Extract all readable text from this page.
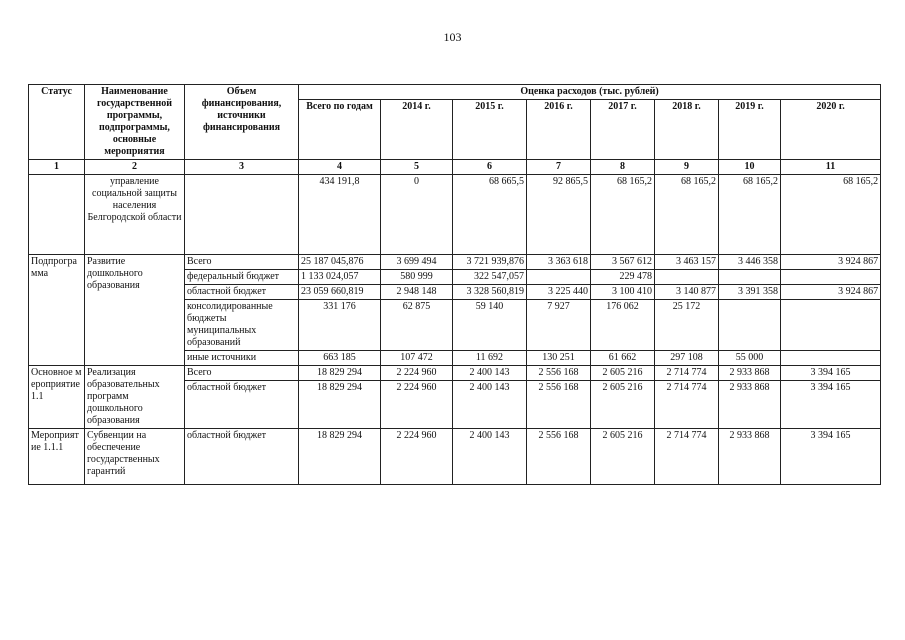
103
Статус	Наименование государственной программы, подпрограммы, основные мероприятия	Объем финансирования, источники финансирования	Оценка расходов (тыс. рублей)							
			Всего по годам	2014 г.	2015 г.	2016 г.	2017 г.	2018 г.	2019 г.	2020 г.
1	2	3	4	5	6	7	8	9	10	11
	управление социальной защиты населения Белгородской области		434 191,8	0	68 665,5	92 865,5	68 165,2	68 165,2	68 165,2	68 165,2
Подпрограмма	Развитие дошкольного образования	Всего	25 187 045,876	3 699 494	3 721 939,876	3 363 618	3 567 612	3 463 157	3 446 358	3 924 867
		федеральный бюджет	1 133 024,057	580 999	322 547,057		229 478			
		областной бюджет	23 059 660,819	2 948 148	3 328 560,819	3 225 440	3 100 410	3 140 877	3 391 358	3 924 867
		консолидированные бюджеты муниципальных образований	331 176	62 875	59 140	7 927	176 062	25 172		
		иные источники	663 185	107 472	11 692	130 251	61 662	297 108	55 000	
Основное мероприятие 1.1	Реализация образовательных программ дошкольного образования	Всего	18 829 294	2 224 960	2 400 143	2 556 168	2 605 216	2 714 774	2 933 868	3 394 165
		областной бюджет	18 829 294	2 224 960	2 400 143	2 556 168	2 605 216	2 714 774	2 933 868	3 394 165
Мероприятие 1.1.1	Субвенции на обеспечение государственных гарантий	областной бюджет	18 829 294	2 224 960	2 400 143	2 556 168	2 605 216	2 714 774	2 933 868	3 394 165
